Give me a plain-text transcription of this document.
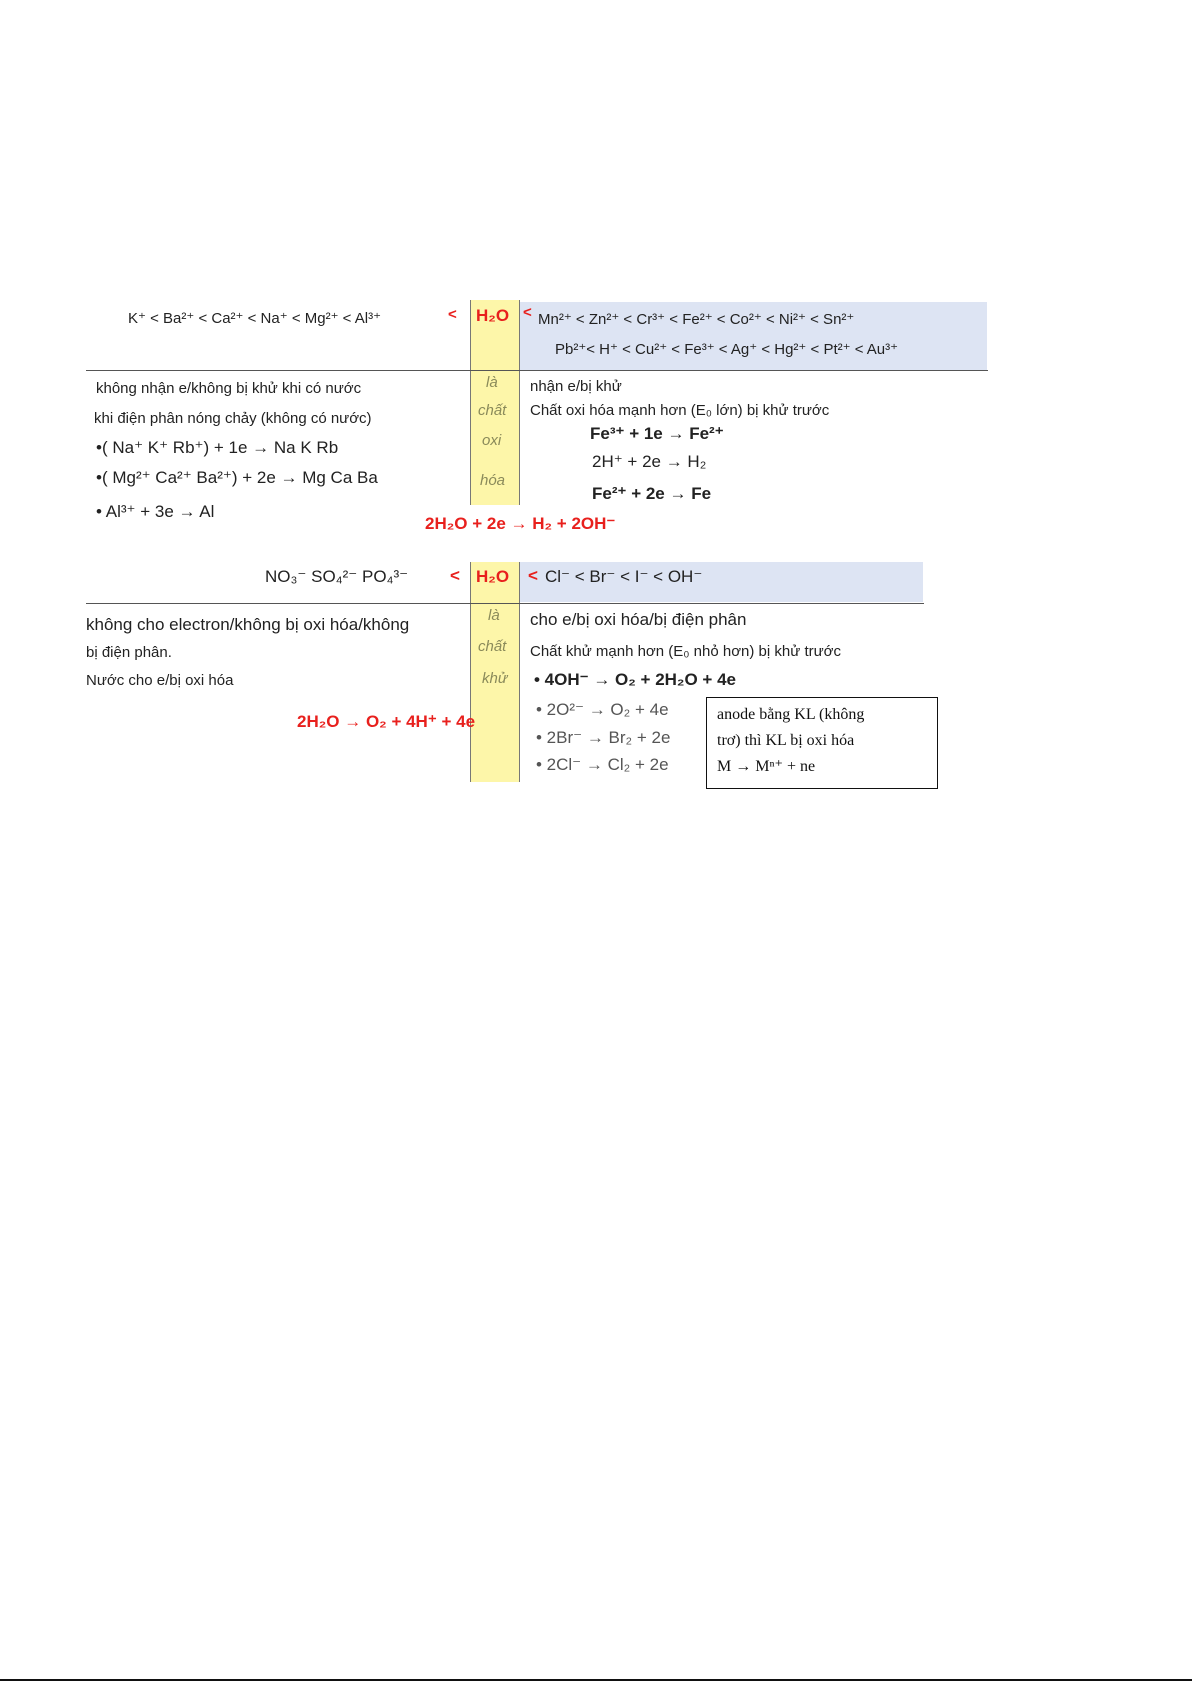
K⁺ < Ba²⁺ < Ca²⁺ < Na⁺ < Mg²⁺ < Al³⁺	< H₂O < Mn²⁺ < Zn²⁺ < Cr³⁺ < Fe²⁺ < Co²⁺ < Ni²⁺ < Sn²⁺
Pb²⁺< H⁺ < Cu²⁺ < Fe³⁺ < Ag⁺ < Hg²⁺ < Pt²⁺ < Au³⁺
là
chất
oxi
hóa
không nhận e/không bị khử khi có nước
khi điện phân nóng chảy (không có nước)
•( Na⁺ K⁺ Rb⁺) + 1e → Na K Rb
•( Mg²⁺ Ca²⁺ Ba²⁺) + 2e → Mg Ca Ba
• Al³⁺ + 3e → Al
nhận e/bị khử
Chất oxi hóa mạnh hơn (E₀ lớn) bị khử trước
Fe³⁺ + 1e → Fe²⁺
2H⁺ + 2e → H₂
Fe²⁺ + 2e → Fe
2H₂O + 2e → H₂ + 2OH⁻
NO₃⁻ SO₄²⁻ PO₄³⁻ < H₂O < Cl⁻ < Br⁻ < I⁻ < OH⁻
là
chất
khử
không cho electron/không bị oxi hóa/không
bị điện phân.
Nước cho e/bị oxi hóa
cho e/bị oxi hóa/bị điện phân
Chất khử mạnh hơn (E₀ nhỏ hơn) bị khử trước
• 4OH⁻ → O₂ + 2H₂O + 4e
• 2O²⁻ → O₂ + 4e
• 2Br⁻ → Br₂ + 2e
• 2Cl⁻ → Cl₂ + 2e
2H₂O → O₂ + 4H⁺ + 4e	anode bằng KL (không
trơ) thì KL bị oxi hóa
M → Mⁿ⁺ + ne
